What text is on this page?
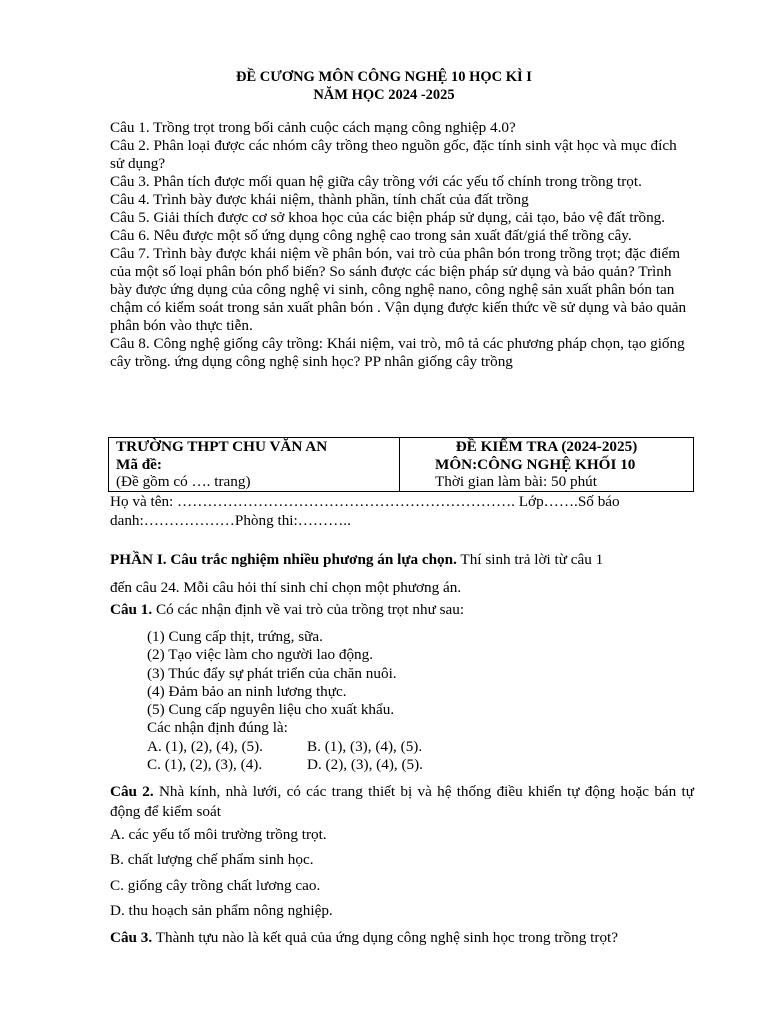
ĐỀ CƯƠNG MÔN CÔNG NGHỆ 10 HỌC KÌ I
NĂM HỌC 2024 -2025

Câu 1. Trồng trọt trong bối cảnh cuộc cách mạng công nghiệp 4.0?

Câu 2. Phân loại được các nhóm cây trồng theo nguồn gốc, đặc tính sinh vật học và mục đích sử dụng?

Câu 3. Phân tích được mối quan hệ giữa cây trồng với các yếu tố chính trong trồng trọt.

Câu 4. Trình bày được khái niệm, thành phần, tính chất của đất trồng

Câu 5. Giải thích được cơ sở khoa học của các biện pháp sử dụng, cải tạo, bảo vệ đất trồng.

Câu 6. Nêu được một số ứng dụng công nghệ cao trong sản xuất đất/giá thể trồng cây.

Câu 7. Trình bày được khái niệm về phân bón, vai trò của phân bón trong trồng trọt; đặc điểm của một số loại phân bón phổ biến? So sánh được các biện pháp sử dụng và bảo quản? Trình bày được ứng dụng của công nghệ vi sinh, công nghệ nano, công nghệ sản xuất phân bón tan chậm có kiểm soát trong sản xuất phân bón . Vận dụng được kiến thức về sử dụng và bảo quản phân bón vào thực tiễn.

Câu 8. Công nghệ giống cây trồng: Khái niệm, vai trò, mô tả các phương pháp chọn, tạo giống cây trồng. ứng dụng công nghệ sinh học? PP nhân giống cây trồng

TRƯỜNG THPT CHU VĂN AN
Mã đề:
(Đề gồm có …. trang)

ĐỀ KIỂM TRA (2024-2025)
MÔN:CÔNG NGHỆ KHỐI 10
Thời gian làm bài: 50 phút

Họ và tên: …………………………………………………………. Lớp…….Số báo

danh:………………Phòng thi:………..

PHẦN I. Câu trắc nghiệm nhiều phương án lựa chọn. Thí sinh trả lời từ câu 1

đến câu 24. Mỗi câu hỏi thí sinh chỉ chọn một phương án.

Câu 1. Có các nhận định về vai trò của trồng trọt như sau:

(1) Cung cấp thịt, trứng, sữa.

(2) Tạo việc làm cho người lao động.

(3) Thúc đẩy sự phát triển của chăn nuôi.

(4) Đảm bảo an ninh lương thực.

(5) Cung cấp nguyên liệu cho xuất khẩu.

Các nhận định đúng là:

A. (1), (2), (4), (5).	B. (1), (3), (4), (5).

C. (1), (2), (3), (4).	D. (2), (3), (4), (5).

Câu 2. Nhà kính, nhà lưới, có các trang thiết bị và hệ thống điều khiển tự động hoặc bán tự động để kiểm soát

A. các yếu tố môi trường trồng trọt.

B. chất lượng chế phẩm sinh học.

C. giống cây trồng chất lương cao.

D. thu hoạch sản phẩm nông nghiệp.

Câu 3. Thành tựu nào là kết quả của ứng dụng công nghệ sinh học trong trồng trọt?
